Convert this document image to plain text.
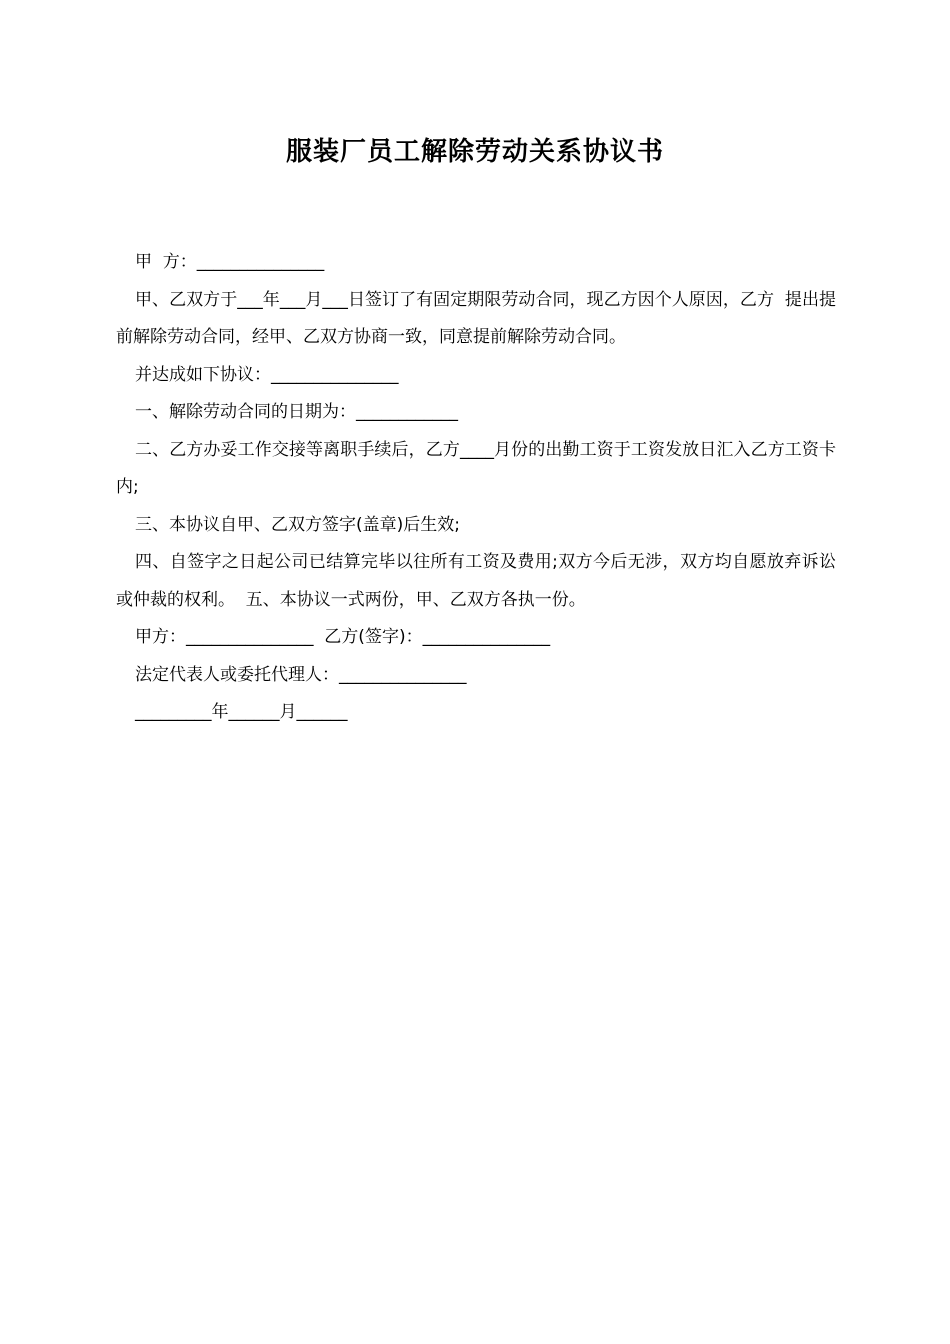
服装厂员工解除劳动关系协议书

甲  方：_______________

甲、乙双方于___年___月___日签订了有固定期限劳动合同，现乙方因个人原因，乙方  提出提前解除劳动合同，经甲、乙双方协商一致，同意提前解除劳动合同。

并达成如下协议：_______________

一、解除劳动合同的日期为：____________

二、乙方办妥工作交接等离职手续后，乙方____月份的出勤工资于工资发放日汇入乙方工资卡内;

三、本协议自甲、乙双方签字(盖章)后生效;

四、自签字之日起公司已结算完毕以往所有工资及费用;双方今后无涉，双方均自愿放弃诉讼或仲裁的权利。  五、本协议一式两份，甲、乙双方各执一份。

甲方：_______________  乙方(签字)：_______________

法定代表人或委托代理人：_______________

_________年______月______
